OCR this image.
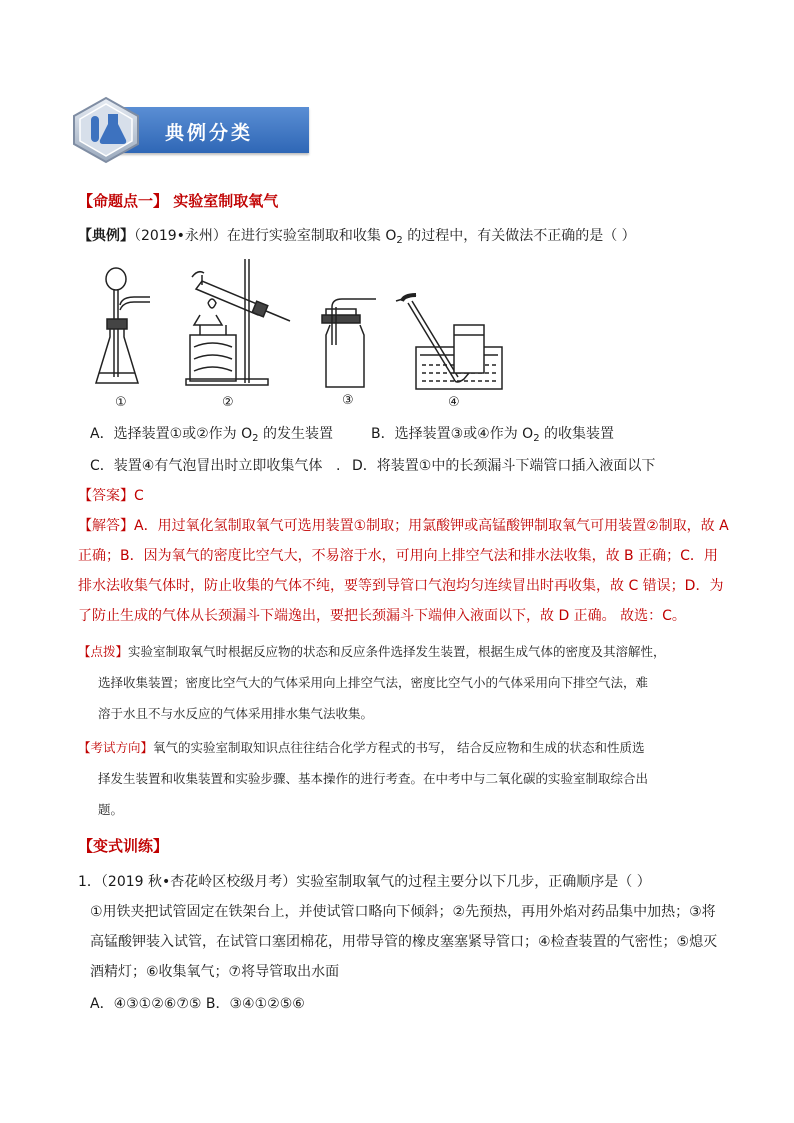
典例分类
【命题点一】 实验室制取氧气
【典例】（2019•永州）在进行实验室制取和收集 $O_2$ 的过程中，有关做法不正确的是（ ）
①	②	③	④
A．选择装置①或②作为 $O_2$ 的发生装置	B．选择装置③或④作为 $O_2$ 的收集装置
C．装置④有气泡冒出时立即收集气体 . D．将装置①中的长颈漏斗下端管口插入液面以下
【答案】C
【解答】A．用过氧化氢制取氧气可选用装置①制取；用氯酸钾或高锰酸钾制取氧气可用装置②制取，故 A
正确；B．因为氧气的密度比空气大，不易溶于水，可用向上排空气法和排水法收集，故 B 正确；C．用
排水法收集气体时，防止收集的气体不纯，要等到导管口气泡均匀连续冒出时再收集，故 C 错误；D．为
了防止生成的气体从长颈漏斗下端逸出，要把长颈漏斗下端伸入液面以下，故 D 正确。 故选：C。
【点拨】实验室制取氧气时根据反应物的状态和反应条件选择发生装置，根据生成气体的密度及其溶解性，
选择收集装置；密度比空气大的气体采用向上排空气法，密度比空气小的气体采用向下排空气法，难
溶于水且不与水反应的气体采用排水集气法收集。
【考试方向】氧气的实验室制取知识点往往结合化学方程式的书写， 结合反应物和生成的状态和性质选
择发生装置和收集装置和实验步骤、基本操作的进行考查。在中考中与二氧化碳的实验室制取综合出
题。
【变式训练】
1．（2019 秋•杏花岭区校级月考）实验室制取氧气的过程主要分以下几步，正确顺序是（ ）
①用铁夹把试管固定在铁架台上，并使试管口略向下倾斜；②先预热，再用外焰对药品集中加热；③将
高锰酸钾装入试管，在试管口塞团棉花，用带导管的橡皮塞塞紧导管口；④检查装置的气密性；⑤熄灭
酒精灯；⑥收集氧气；⑦将导管取出水面
A．④③①②⑥⑦⑤ B．③④①②⑤⑥
